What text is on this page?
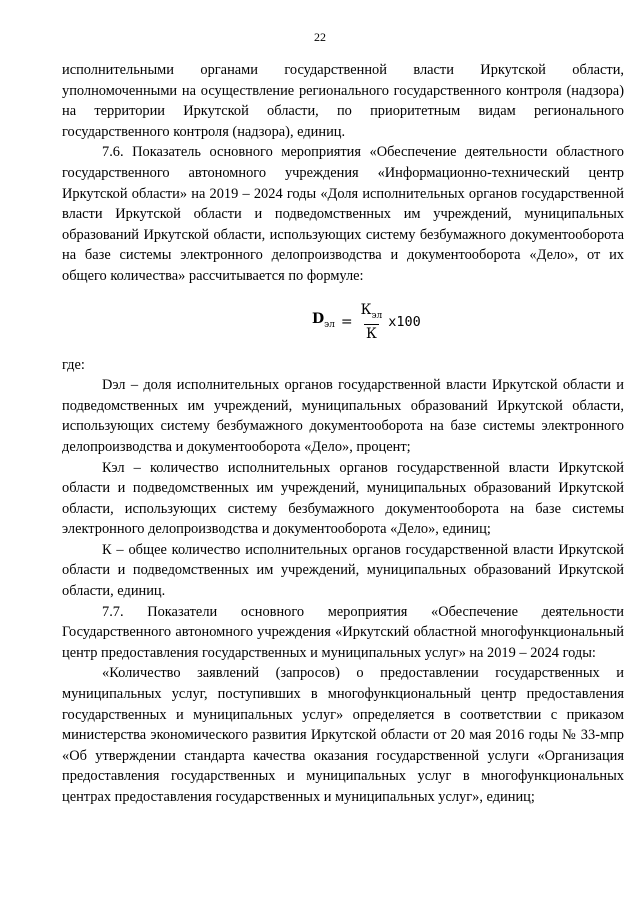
22

исполнительными органами государственной власти Иркутской области, уполномоченными на осуществление регионального государственного контроля (надзора) на территории Иркутской области, по приоритетным видам регионального государственного контроля (надзора), единиц.

7.6. Показатель основного мероприятия «Обеспечение деятельности областного государственного автономного учреждения «Информационно-технический центр Иркутской области» на 2019 – 2024 годы «Доля исполнительных органов государственной власти Иркутской области и подведомственных им учреждений, муниципальных образований Иркутской области, использующих систему безбумажного документооборота на базе системы электронного делопроизводства и документооборота «Дело», от их общего количества» рассчитывается по формуле:

$D_{эл} = \frac{К_{эл}}{К} x100$

где:

Dэл – доля исполнительных органов государственной власти Иркутской области и подведомственных им учреждений, муниципальных образований Иркутской области, использующих систему безбумажного документооборота на базе системы электронного делопроизводства и документооборота «Дело», процент;

Кэл – количество исполнительных органов государственной власти Иркутской области и подведомственных им учреждений, муниципальных образований Иркутской области, использующих систему безбумажного документооборота на базе системы электронного делопроизводства и документооборота «Дело», единиц;

К – общее количество исполнительных органов государственной власти Иркутской области и подведомственных им учреждений, муниципальных образований Иркутской области, единиц.

7.7. Показатели основного мероприятия «Обеспечение деятельности Государственного автономного учреждения «Иркутский областной многофункциональный центр предоставления государственных и муниципальных услуг» на 2019 – 2024 годы:

«Количество заявлений (запросов) о предоставлении государственных и муниципальных услуг, поступивших в многофункциональный центр предоставления государственных и муниципальных услуг» определяется в соответствии с приказом министерства экономического развития Иркутской области от 20 мая 2016 годы № 33-мпр «Об утверждении стандарта качества оказания государственной услуги «Организация предоставления государственных и муниципальных услуг в многофункциональных центрах предоставления государственных и муниципальных услуг», единиц;
